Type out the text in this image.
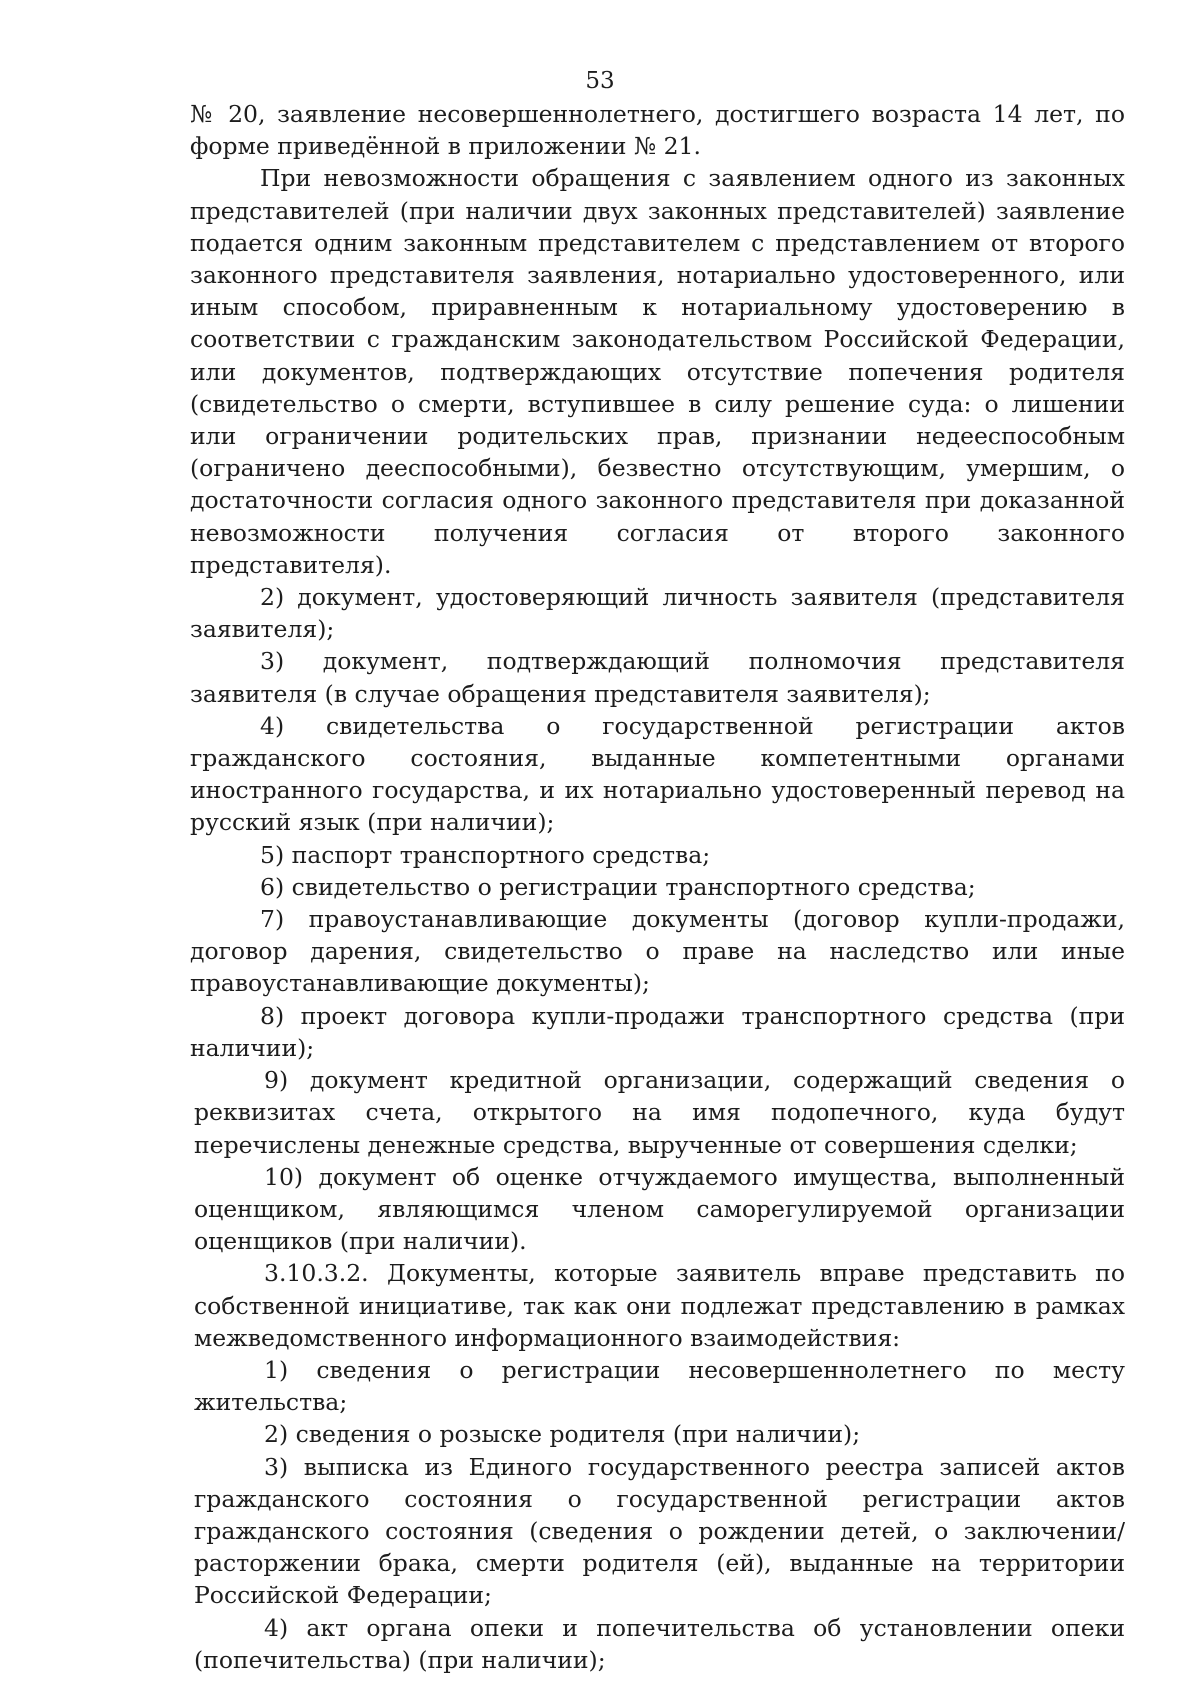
53

№ 20, заявление несовершеннолетнего, достигшего возраста 14 лет, по форме приведённой в приложении № 21.

При невозможности обращения с заявлением одного из законных представителей (при наличии двух законных представителей) заявление подается одним законным представителем с представлением от второго законного представителя заявления, нотариально удостоверенного, или иным способом, приравненным к нотариальному удостоверению в соответствии с гражданским законодательством Российской Федерации, или документов, подтверждающих отсутствие попечения родителя (свидетельство о смерти, вступившее в силу решение суда: о лишении или ограничении родительских прав, признании недееспособным (ограничено дееспособными), безвестно отсутствующим, умершим, о достаточности согласия одного законного представителя при доказанной невозможности получения согласия от второго законного представителя).

2) документ, удостоверяющий личность заявителя (представителя заявителя);

3) документ, подтверждающий полномочия представителя заявителя (в случае обращения представителя заявителя);

4) свидетельства о государственной регистрации актов гражданского состояния, выданные компетентными органами иностранного государства, и их нотариально удостоверенный перевод на русский язык (при наличии);

5) паспорт транспортного средства;

6) свидетельство о регистрации транспортного средства;

7) правоустанавливающие документы (договор купли-продажи, договор дарения, свидетельство о праве на наследство или иные правоустанавливающие документы);

8) проект договора купли-продажи транспортного средства (при наличии);

9) документ кредитной организации, содержащий сведения о реквизитах счета, открытого на имя подопечного, куда будут перечислены денежные средства, вырученные от совершения сделки;

10) документ об оценке отчуждаемого имущества, выполненный оценщиком, являющимся членом саморегулируемой организации оценщиков (при наличии).

3.10.3.2. Документы, которые заявитель вправе представить по собственной инициативе, так как они подлежат представлению в рамках межведомственного информационного взаимодействия:

1) сведения о регистрации несовершеннолетнего по месту жительства;

2) сведения о розыске родителя (при наличии);

3) выписка из Единого государственного реестра записей актов гражданского состояния о государственной регистрации актов гражданского состояния (сведения о рождении детей, о заключении/расторжении брака, смерти родителя (ей), выданные на территории Российской Федерации;

4) акт органа опеки и попечительства об установлении опеки (попечительства) (при наличии);
